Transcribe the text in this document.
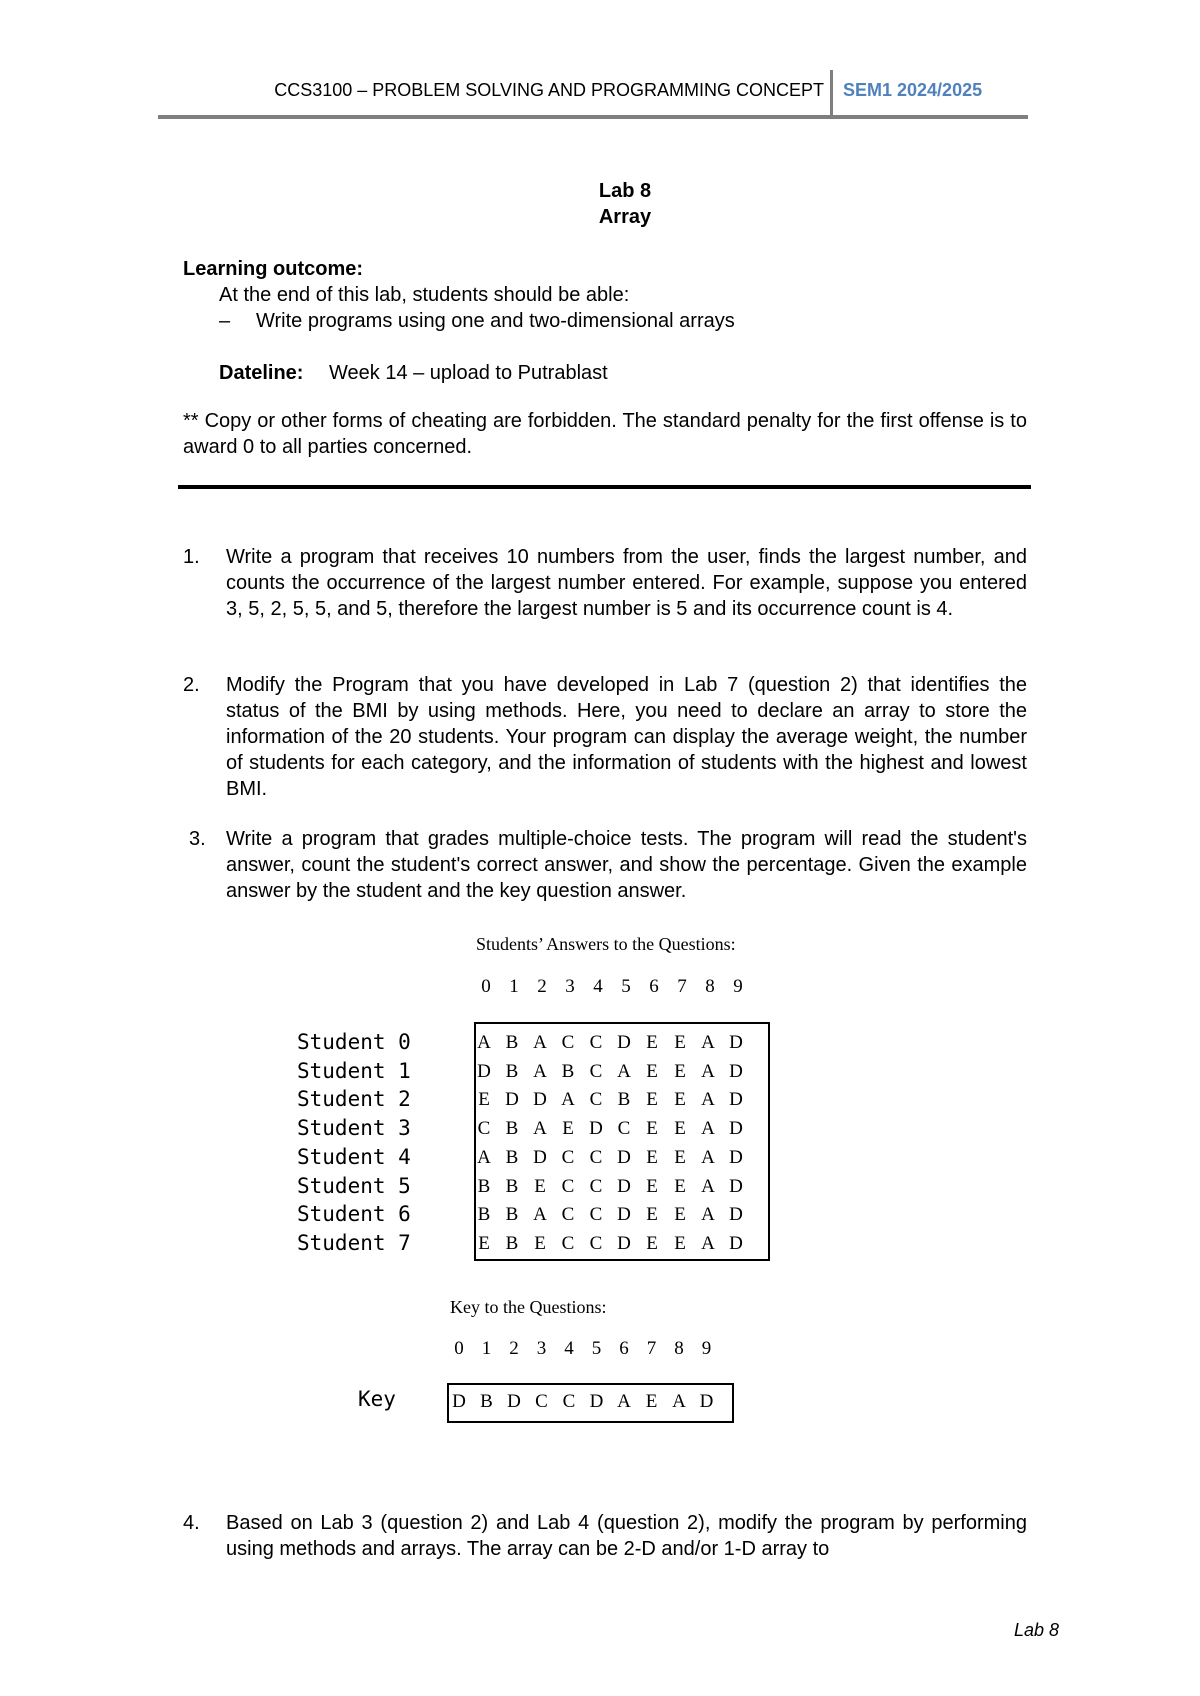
CCS3100 – PROBLEM SOLVING AND PROGRAMMING CONCEPT SEM1 2024/2025
Lab 8
Array
Learning outcome:
At the end of this lab, students should be able:
– Write programs using one and two-dimensional arrays
Dateline: Week 14 – upload to Putrablast
** Copy or other forms of cheating are forbidden. The standard penalty for the first offense is to award 0 to all parties concerned.
1. Write a program that receives 10 numbers from the user, finds the largest number, and counts the occurrence of the largest number entered. For example, suppose you entered 3, 5, 2, 5, 5, and 5, therefore the largest number is 5 and its occurrence count is 4.
2. Modify the Program that you have developed in Lab 7 (question 2) that identifies the status of the BMI by using methods. Here, you need to declare an array to store the information of the 20 students. Your program can display the average weight, the number of students for each category, and the information of students with the highest and lowest BMI.
3. Write a program that grades multiple-choice tests. The program will read the student's answer, count the student's correct answer, and show the percentage. Given the example answer by the student and the key question answer.
Students’ Answers to the Questions:
0 1 2 3 4 5 6 7 8 9
Student 0	A B A C C D E E A D
Student 1	D B A B C A E E A D
Student 2	E D D A C B E E A D
Student 3	C B A E D C E E A D
Student 4	A B D C C D E E A D
Student 5	B B E C C D E E A D
Student 6	B B A C C D E E A D
Student 7	E B E C C D E E A D
Key to the Questions:
0 1 2 3 4 5 6 7 8 9
Key	D B D C C D A E A D
4. Based on Lab 3 (question 2) and Lab 4 (question 2), modify the program by performing using methods and arrays. The array can be 2-D and/or 1-D array to
Lab 8
